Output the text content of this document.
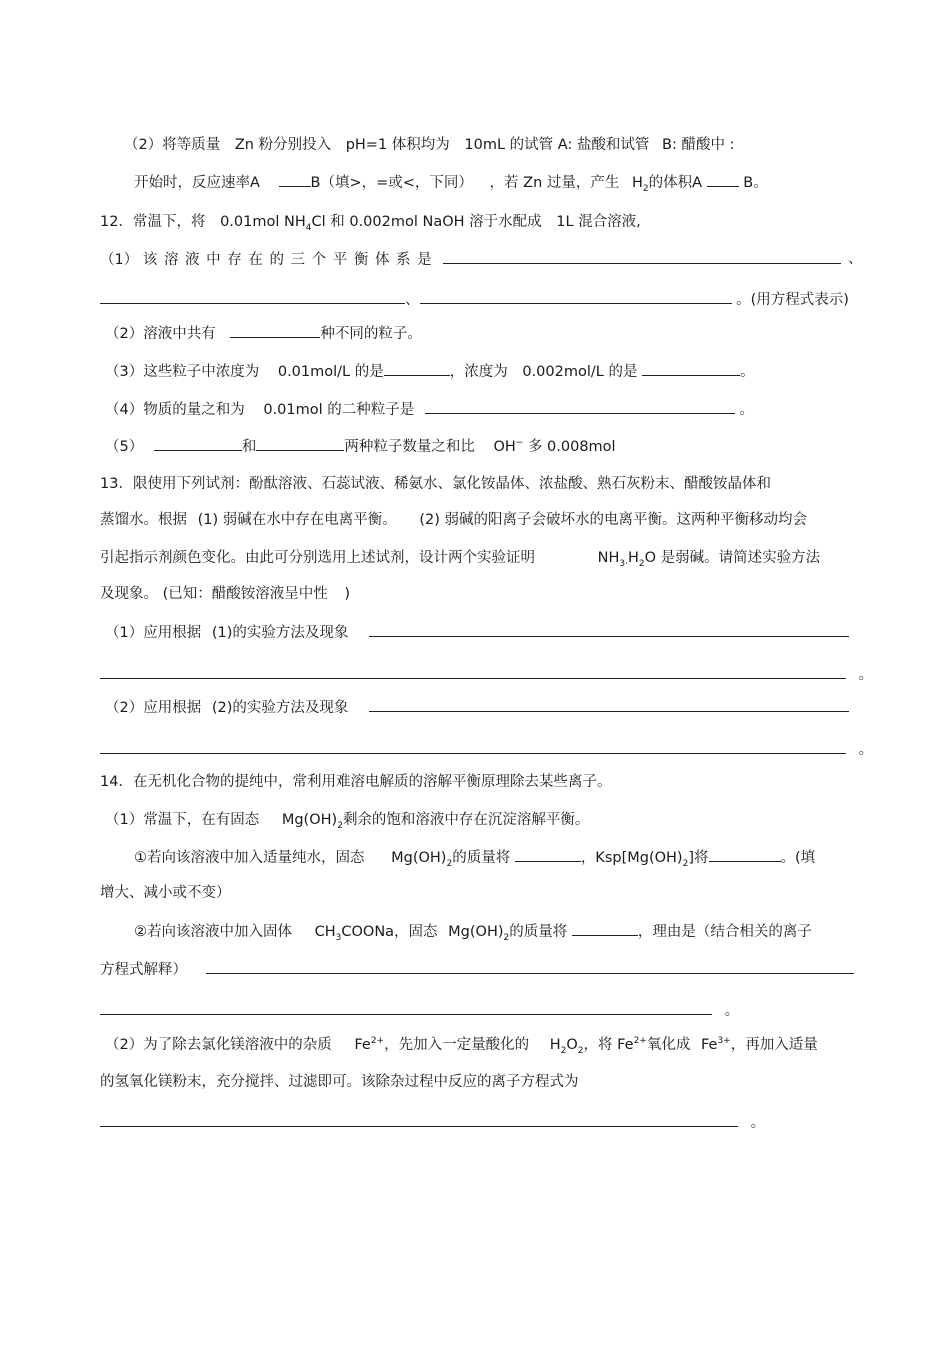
（2）将等质量 Zn 粉分别投入 pH=1 体积均为 10mL 的试管 A: 盐酸和试管 B: 醋酸中 :
开始时，反应速率A	B（填>，=或<，下同） ，若 Zn 过量，产生 $H_2$的体积A	B。
12．常温下，将 0.01mol $NH_4Cl$ 和 0.002mol NaOH 溶于水配成 1L 混合溶液,
（1） 该溶液中存在的三个平衡体系是	、
、	。(用方程式表示)
（2）溶液中共有	种不同的粒子。
（3）这些粒子中浓度为 0.01mol/L 的是	，浓度为 0.002mol/L 的是	。
（4）物质的量之和为 0.01mol 的二种粒子是	。
（5）	和	两种粒子数量之和比 OH− 多 0.008mol
13．限使用下列试剂：酚酞溶液、石蕊试液、稀氨水、氯化铵晶体、浓盐酸、熟石灰粉末、醋酸铵晶体和
蒸馏水。根据 (1) 弱碱在水中存在电离平衡。 (2) 弱碱的阳离子会破坏水的电离平衡。这两种平衡移动均会
引起指示剂颜色变化。由此可分别选用上述试剂，设计两个实验证明	$NH_{3\cdot}H_2O$ 是弱碱。请简述实验方法
及现象。 (已知：醋酸铵溶液呈中性 )
（1）应用根据 (1)的实验方法及现象
。
（2）应用根据 (2)的实验方法及现象
。
14．在无机化合物的提纯中，常利用难溶电解质的溶解平衡原理除去某些离子。
（1）常温下，在有固态 $Mg(OH)_2$剩余的饱和溶液中存在沉淀溶解平衡。
①若向该溶液中加入适量纯水，固态 $Mg(OH)_2$的质量将	，$Ksp[Mg(OH)_2]$将	。(填
增大、减小或不变）
②若向该溶液中加入固体 $CH_3COONa$，固态 $Mg(OH)_2$的质量将	，理由是（结合相关的离子
方程式解释）
。
（2）为了除去氯化镁溶液中的杂质 $Fe^{2+}$，先加入一定量酸化的 $H_2O_2$，将 $Fe^{2+}$氧化成 $Fe^{3+}$，再加入适量
的氢氧化镁粉末，充分搅拌、过滤即可。该除杂过程中反应的离子方程式为
。
